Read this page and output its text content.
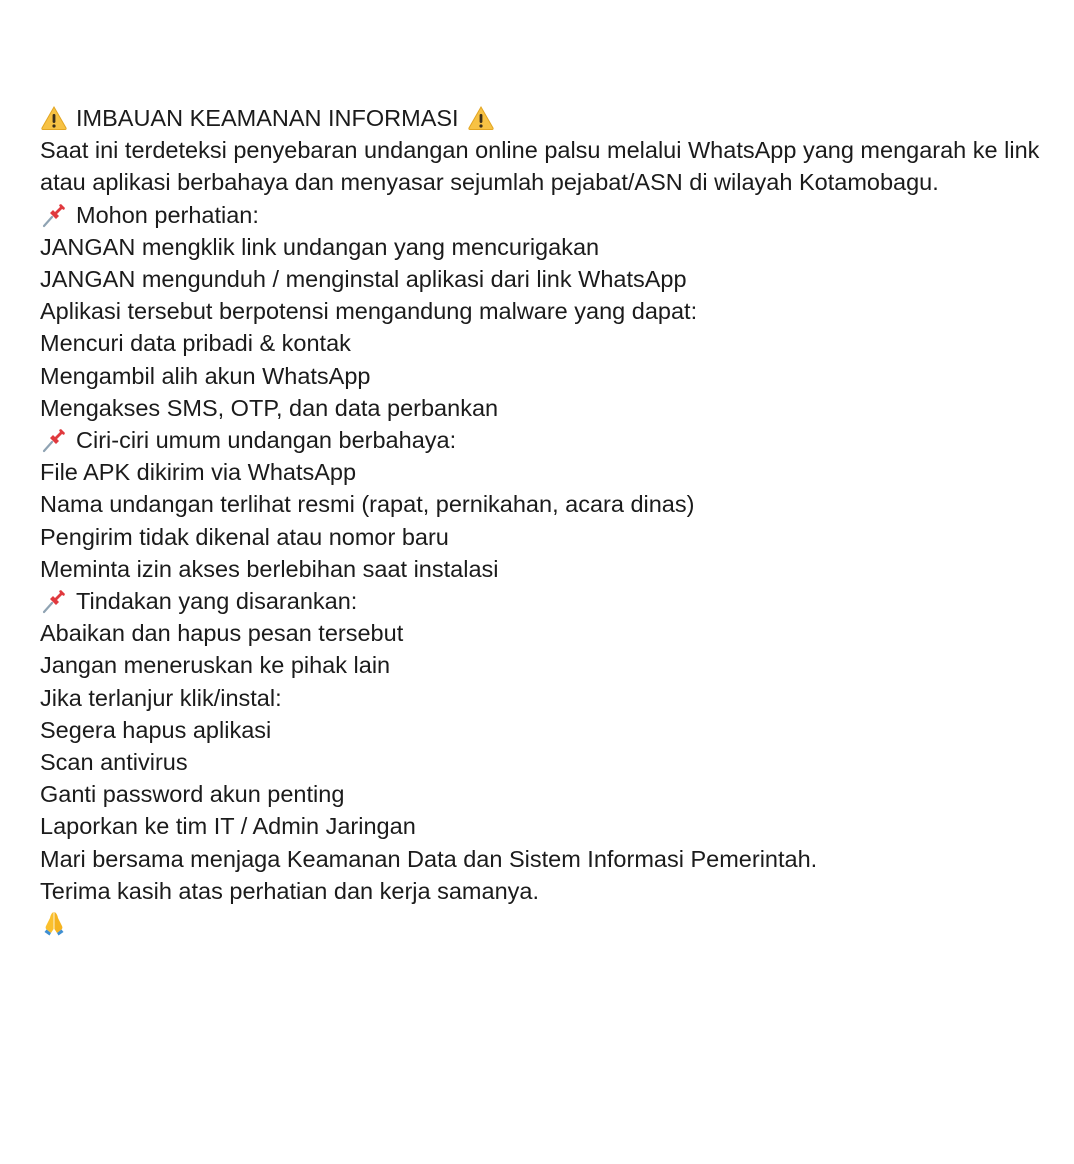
IMBAUAN KEAMANAN INFORMASI
Saat ini terdeteksi penyebaran undangan online palsu melalui WhatsApp yang mengarah ke link atau aplikasi berbahaya dan menyasar sejumlah pejabat/ASN di wilayah Kotamobagu.
Mohon perhatian:
JANGAN mengklik link undangan yang mencurigakan
JANGAN mengunduh / menginstal aplikasi dari link WhatsApp
Aplikasi tersebut berpotensi mengandung malware yang dapat:
Mencuri data pribadi & kontak
Mengambil alih akun WhatsApp
Mengakses SMS, OTP, dan data perbankan
Ciri-ciri umum undangan berbahaya:
File APK dikirim via WhatsApp
Nama undangan terlihat resmi (rapat, pernikahan, acara dinas)
Pengirim tidak dikenal atau nomor baru
Meminta izin akses berlebihan saat instalasi
Tindakan yang disarankan:
Abaikan dan hapus pesan tersebut
Jangan meneruskan ke pihak lain
Jika terlanjur klik/instal:
Segera hapus aplikasi
Scan antivirus
Ganti password akun penting
Laporkan ke tim IT / Admin Jaringan
Mari bersama menjaga Keamanan Data dan Sistem Informasi Pemerintah.
Terima kasih atas perhatian dan kerja samanya.
